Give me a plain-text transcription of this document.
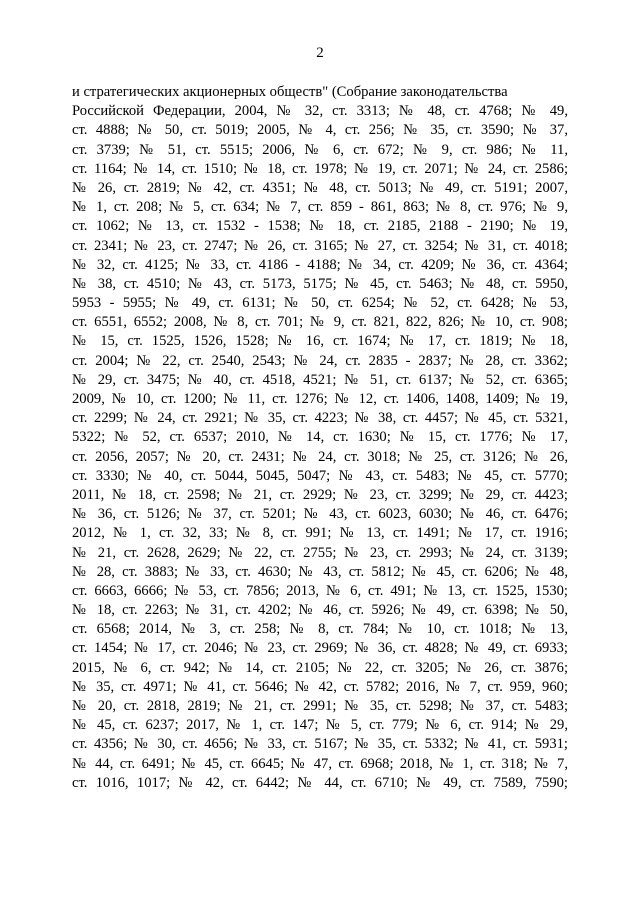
2
и стратегических акционерных обществ" (Собрание законодательства
Российской Федерации, 2004, № 32, ст. 3313; № 48, ст. 4768; № 49,
ст. 4888; № 50, ст. 5019; 2005, № 4, ст. 256; № 35, ст. 3590; № 37,
ст. 3739; № 51, ст. 5515; 2006, № 6, ст. 672; № 9, ст. 986; № 11,
ст. 1164; № 14, ст. 1510; № 18, ст. 1978; № 19, ст. 2071; № 24, ст. 2586;
№ 26, ст. 2819; № 42, ст. 4351; № 48, ст. 5013; № 49, ст. 5191; 2007,
№ 1, ст. 208; № 5, ст. 634; № 7, ст. 859 - 861, 863; № 8, ст. 976; № 9,
ст. 1062; № 13, ст. 1532 - 1538; № 18, ст. 2185, 2188 - 2190; № 19,
ст. 2341; № 23, ст. 2747; № 26, ст. 3165; № 27, ст. 3254; № 31, ст. 4018;
№ 32, ст. 4125; № 33, ст. 4186 - 4188; № 34, ст. 4209; № 36, ст. 4364;
№ 38, ст. 4510; № 43, ст. 5173, 5175; № 45, ст. 5463; № 48, ст. 5950,
5953 - 5955; № 49, ст. 6131; № 50, ст. 6254; № 52, ст. 6428; № 53,
ст. 6551, 6552; 2008, № 8, ст. 701; № 9, ст. 821, 822, 826; № 10, ст. 908;
№ 15, ст. 1525, 1526, 1528; № 16, ст. 1674; № 17, ст. 1819; № 18,
ст. 2004; № 22, ст. 2540, 2543; № 24, ст. 2835 - 2837; № 28, ст. 3362;
№ 29, ст. 3475; № 40, ст. 4518, 4521; № 51, ст. 6137; № 52, ст. 6365;
2009, № 10, ст. 1200; № 11, ст. 1276; № 12, ст. 1406, 1408, 1409; № 19,
ст. 2299; № 24, ст. 2921; № 35, ст. 4223; № 38, ст. 4457; № 45, ст. 5321,
5322; № 52, ст. 6537; 2010, № 14, ст. 1630; № 15, ст. 1776; № 17,
ст. 2056, 2057; № 20, ст. 2431; № 24, ст. 3018; № 25, ст. 3126; № 26,
ст. 3330; № 40, ст. 5044, 5045, 5047; № 43, ст. 5483; № 45, ст. 5770;
2011, № 18, ст. 2598; № 21, ст. 2929; № 23, ст. 3299; № 29, ст. 4423;
№ 36, ст. 5126; № 37, ст. 5201; № 43, ст. 6023, 6030; № 46, ст. 6476;
2012, № 1, ст. 32, 33; № 8, ст. 991; № 13, ст. 1491; № 17, ст. 1916;
№ 21, ст. 2628, 2629; № 22, ст. 2755; № 23, ст. 2993; № 24, ст. 3139;
№ 28, ст. 3883; № 33, ст. 4630; № 43, ст. 5812; № 45, ст. 6206; № 48,
ст. 6663, 6666; № 53, ст. 7856; 2013, № 6, ст. 491; № 13, ст. 1525, 1530;
№ 18, ст. 2263; № 31, ст. 4202; № 46, ст. 5926; № 49, ст. 6398; № 50,
ст. 6568; 2014, № 3, ст. 258; № 8, ст. 784; № 10, ст. 1018; № 13,
ст. 1454; № 17, ст. 2046; № 23, ст. 2969; № 36, ст. 4828; № 49, ст. 6933;
2015, № 6, ст. 942; № 14, ст. 2105; № 22, ст. 3205; № 26, ст. 3876;
№ 35, ст. 4971; № 41, ст. 5646; № 42, ст. 5782; 2016, № 7, ст. 959, 960;
№ 20, ст. 2818, 2819; № 21, ст. 2991; № 35, ст. 5298; № 37, ст. 5483;
№ 45, ст. 6237; 2017, № 1, ст. 147; № 5, ст. 779; № 6, ст. 914; № 29,
ст. 4356; № 30, ст. 4656; № 33, ст. 5167; № 35, ст. 5332; № 41, ст. 5931;
№ 44, ст. 6491; № 45, ст. 6645; № 47, ст. 6968; 2018, № 1, ст. 318; № 7,
ст. 1016, 1017; № 42, ст. 6442; № 44, ст. 6710; № 49, ст. 7589, 7590;
